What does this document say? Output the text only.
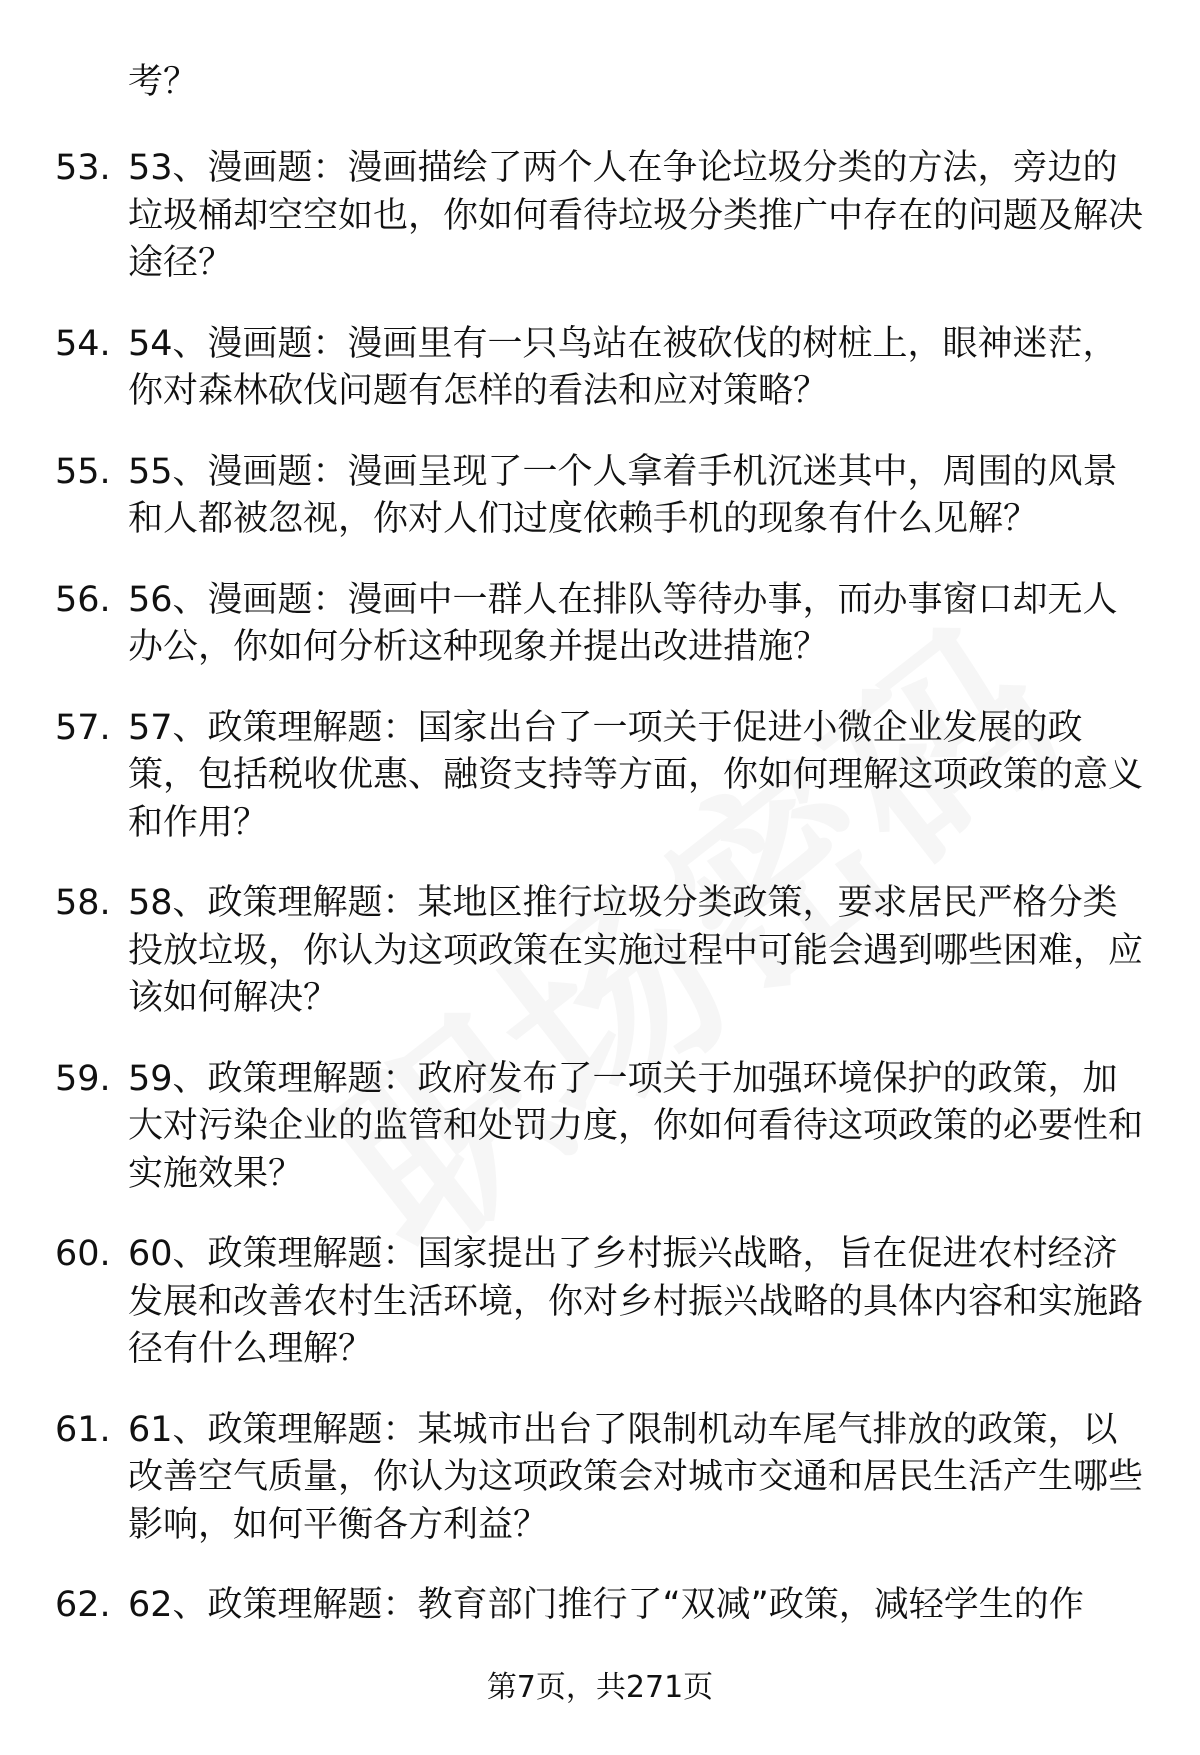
考？
53. 53、漫画题：漫画描绘了两个人在争论垃圾分类的方法，旁边的垃圾桶却空空如也，你如何看待垃圾分类推广中存在的问题及解决途径？
54. 54、漫画题：漫画里有一只鸟站在被砍伐的树桩上，眼神迷茫，你对森林砍伐问题有怎样的看法和应对策略？
55. 55、漫画题：漫画呈现了一个人拿着手机沉迷其中，周围的风景和人都被忽视，你对人们过度依赖手机的现象有什么见解？
56. 56、漫画题：漫画中一群人在排队等待办事，而办事窗口却无人办公，你如何分析这种现象并提出改进措施？
57. 57、政策理解题：国家出台了一项关于促进小微企业发展的政策，包括税收优惠、融资支持等方面，你如何理解这项政策的意义和作用？
58. 58、政策理解题：某地区推行垃圾分类政策，要求居民严格分类投放垃圾，你认为这项政策在实施过程中可能会遇到哪些困难，应该如何解决？
59. 59、政策理解题：政府发布了一项关于加强环境保护的政策，加大对污染企业的监管和处罚力度，你如何看待这项政策的必要性和实施效果？
60. 60、政策理解题：国家提出了乡村振兴战略，旨在促进农村经济发展和改善农村生活环境，你对乡村振兴战略的具体内容和实施路径有什么理解？
61. 61、政策理解题：某城市出台了限制机动车尾气排放的政策，以改善空气质量，你认为这项政策会对城市交通和居民生活产生哪些影响，如何平衡各方利益？
62. 62、政策理解题：教育部门推行了“双减”政策，减轻学生的作
第7页，共271页
